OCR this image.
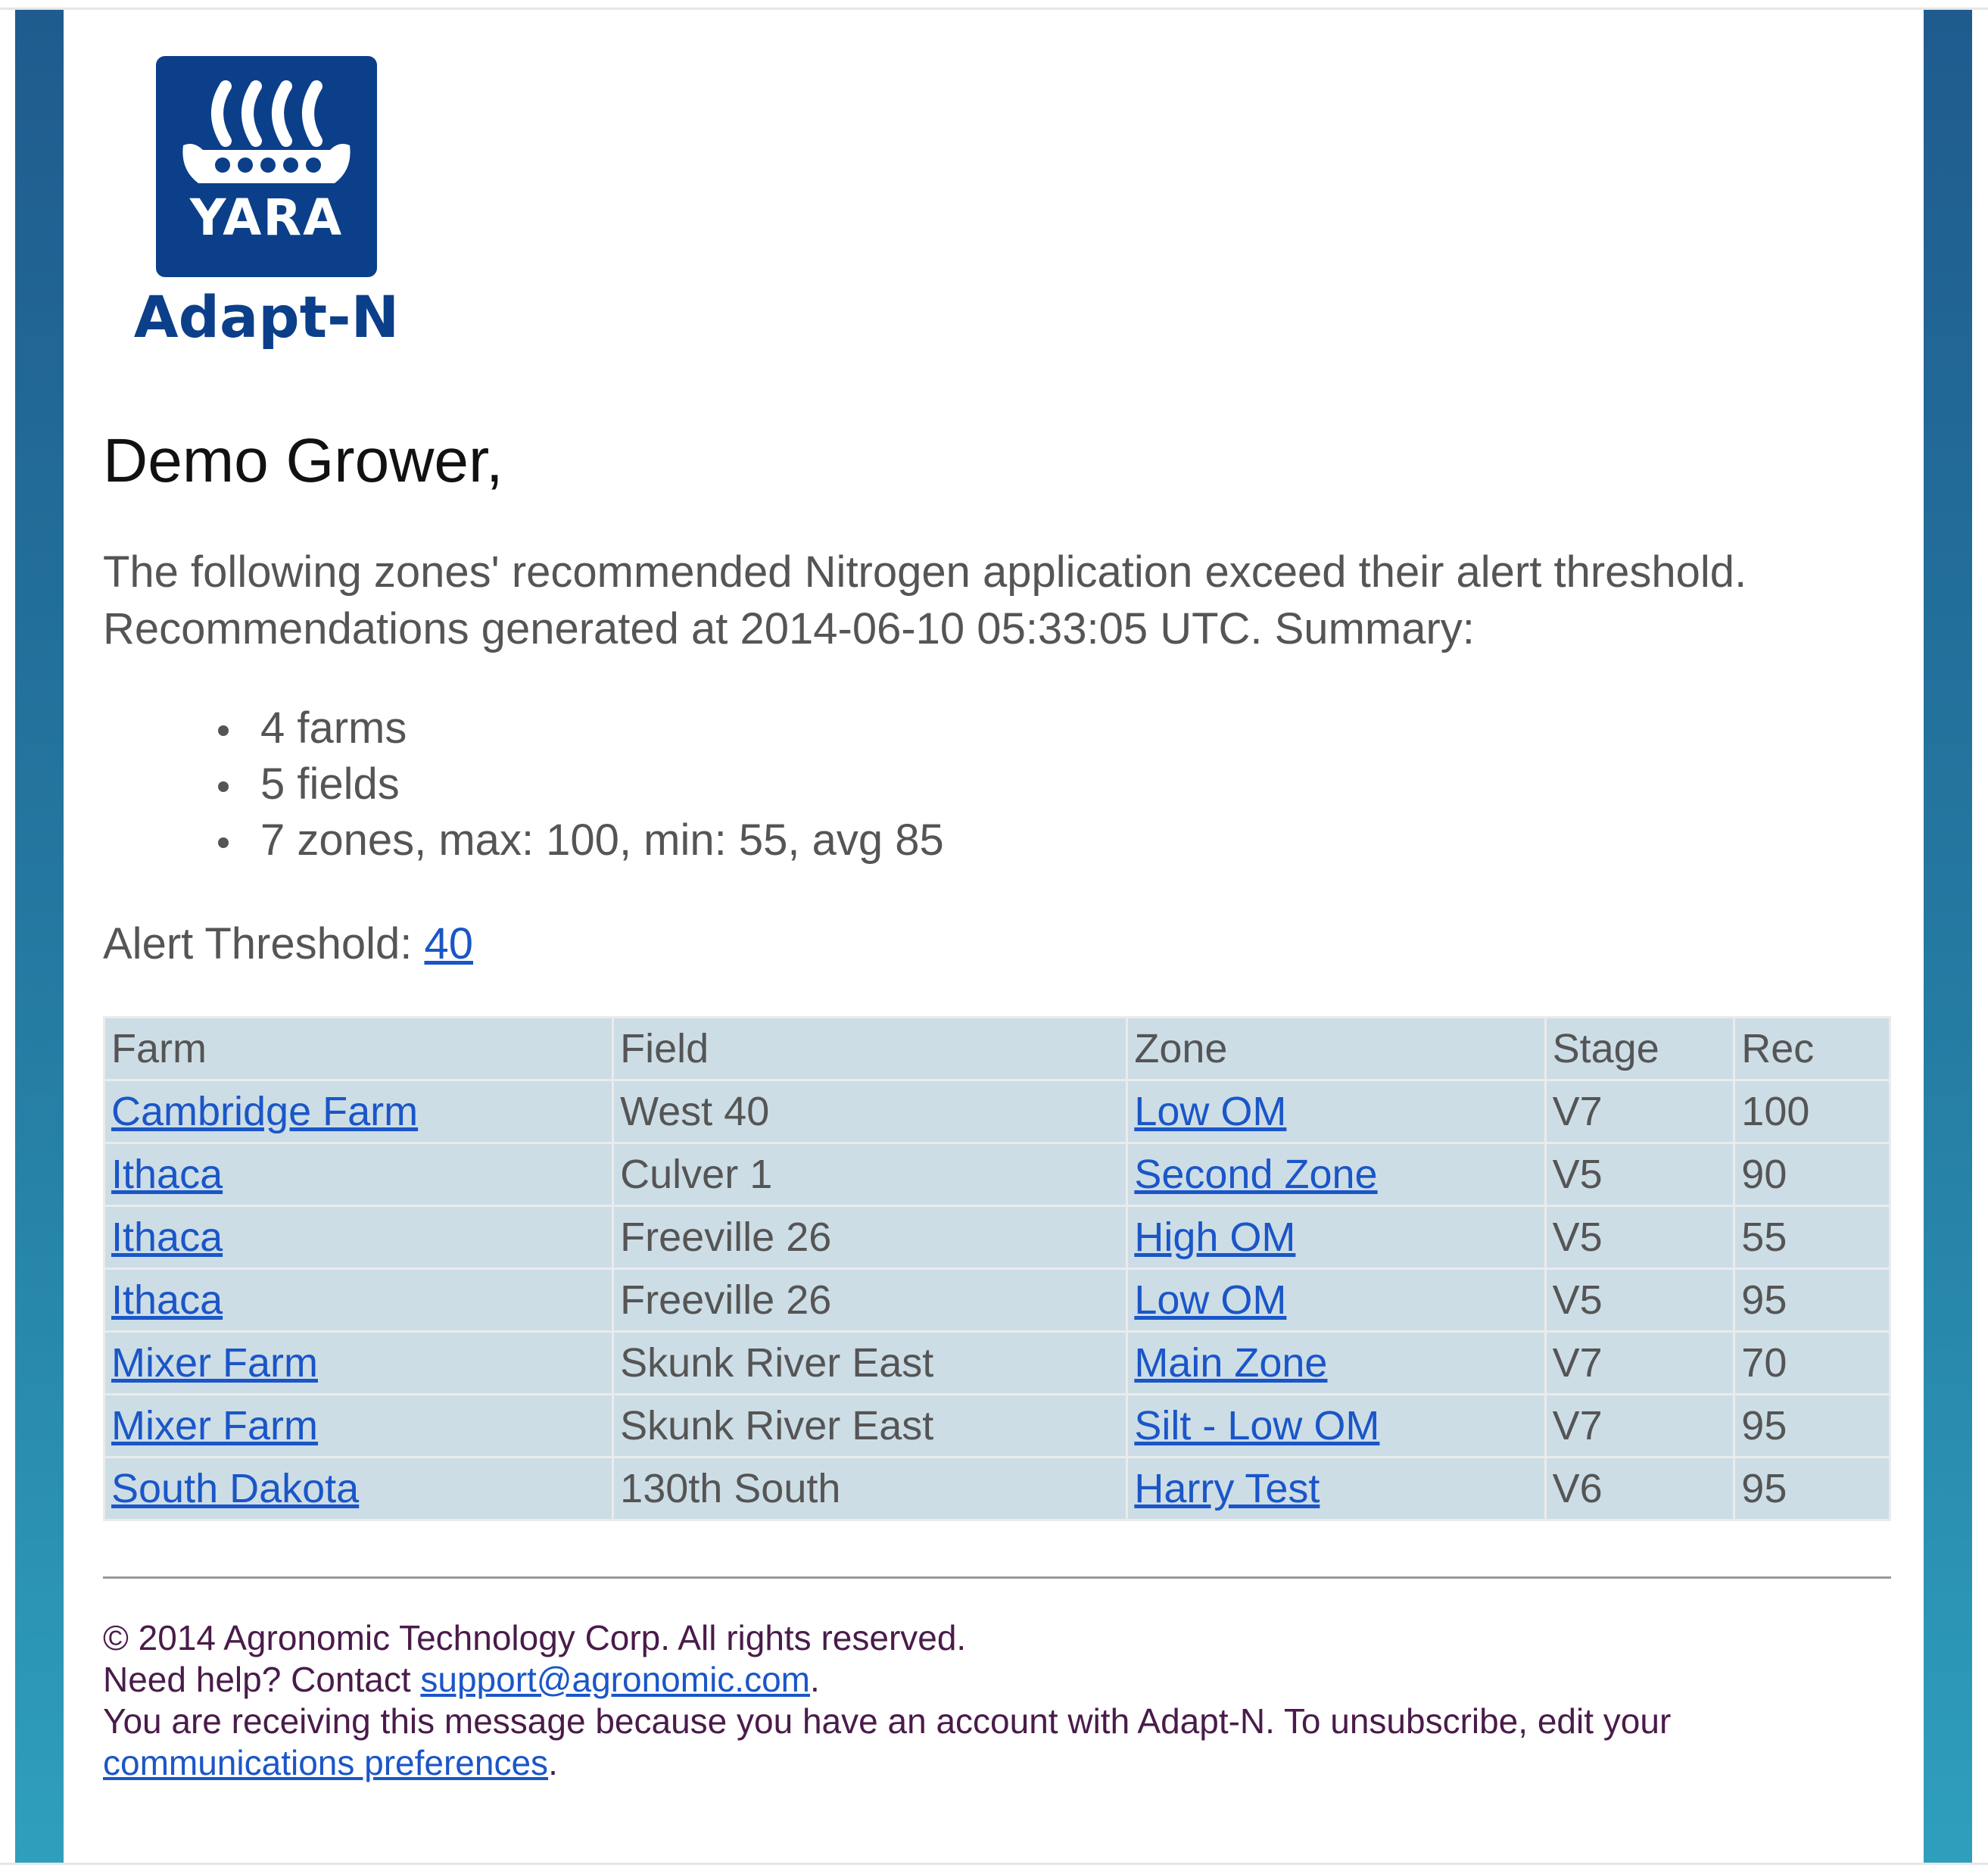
YARA
Adapt-N
Demo Grower,
The following zones' recommended Nitrogen application exceed their alert threshold.
Recommendations generated at 2014-06-10 05:33:05 UTC. Summary:
4 farms
5 fields
7 zones, max: 100, min: 55, avg 85
Alert Threshold: 40
Farm	Field	Zone	Stage	Rec
Cambridge Farm	West 40	Low OM	V7	100
Ithaca	Culver 1	Second Zone	V5	90
Ithaca	Freeville 26	High OM	V5	55
Ithaca	Freeville 26	Low OM	V5	95
Mixer Farm	Skunk River East	Main Zone	V7	70
Mixer Farm	Skunk River East	Silt - Low OM	V7	95
South Dakota	130th South	Harry Test	V6	95
© 2014 Agronomic Technology Corp. All rights reserved.
Need help? Contact support@agronomic.com.
You are receiving this message because you have an account with Adapt-N. To unsubscribe, edit your
communications preferences.
